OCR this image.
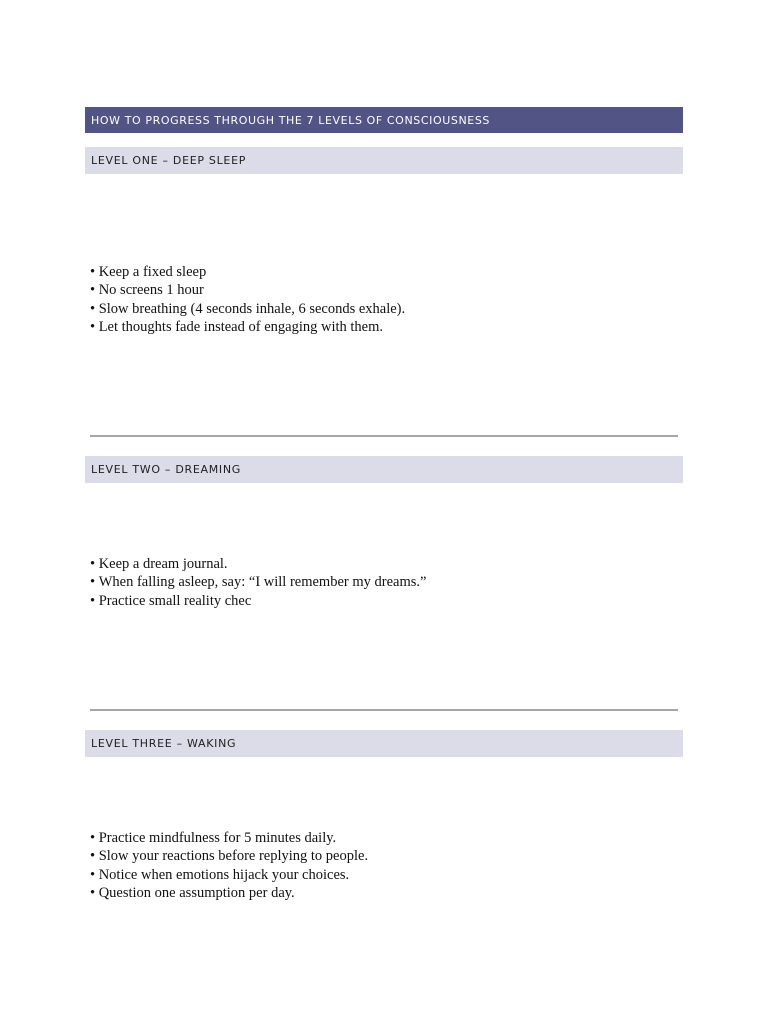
HOW TO PROGRESS THROUGH THE 7 LEVELS OF CONSCIOUSNESS
LEVEL ONE – DEEP SLEEP
• Keep a fixed sleep
• No screens 1 hour
• Slow breathing (4 seconds inhale, 6 seconds exhale).
• Let thoughts fade instead of engaging with them.
LEVEL TWO – DREAMING
• Keep a dream journal.
• When falling asleep, say: “I will remember my dreams.”
• Practice small reality chec
LEVEL THREE – WAKING
• Practice mindfulness for 5 minutes daily.
• Slow your reactions before replying to people.
• Notice when emotions hijack your choices.
• Question one assumption per day.
